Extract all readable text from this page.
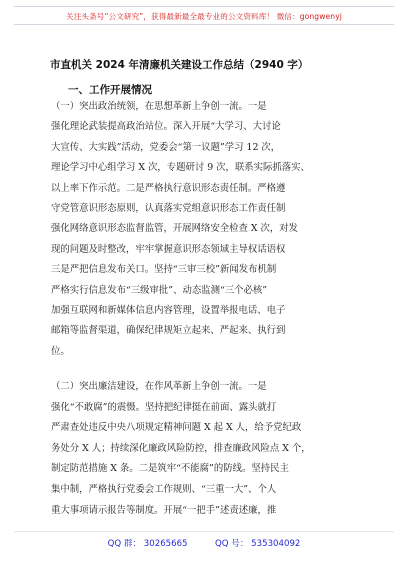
关注头条号“公文研究”，获得最新最全最专业的公文资料库！ 微信：gongwenyj
市直机关 2024 年清廉机关建设工作总结（2940 字）
一、工作开展情况
（一）突出政治统领，在思想革新上争创一流。一是
强化理论武装提高政治站位。深入开展“大学习、大讨论
大宣传、大实践”活动，党委会“第一议题”学习 12 次，
理论学习中心组学习 X 次，专题研讨 9 次，联系实际抓落实、
以上率下作示范。二是严格执行意识形态责任制。严格遵
守党管意识形态原则，认真落实党组意识形态工作责任制
强化网络意识形态监督监管，开展网络安全检查 X 次，对发
现的问题及时整改，牢牢掌握意识形态领域主导权话语权
三是严把信息发布关口。坚持“三审三校”新闻发布机制
严格实行信息发布“三级审批”、动态监测“三个必核”
加强互联网和新媒体信息内容管理，设置举报电话、电子
邮箱等监督渠道，确保纪律规矩立起来、严起来、执行到
位。
（二）突出廉洁建设，在作风革新上争创一流。一是
强化“不敢腐”的震慑。坚持把纪律挺在前面、露头就打
严肃查处违反中央八项规定精神问题 X 起 X 人，给予党纪政
务处分 X 人；持续深化廉政风险防控，排查廉政风险点 X 个，
制定防范措施 X 条。二是筑牢“不能腐”的防线。坚持民主
集中制，严格执行党委会工作规则、“三重一大”、个人
重大事项请示报告等制度。开展“一把手”述责述廉，推
QQ 群： 30265665	QQ 号： 535304092
